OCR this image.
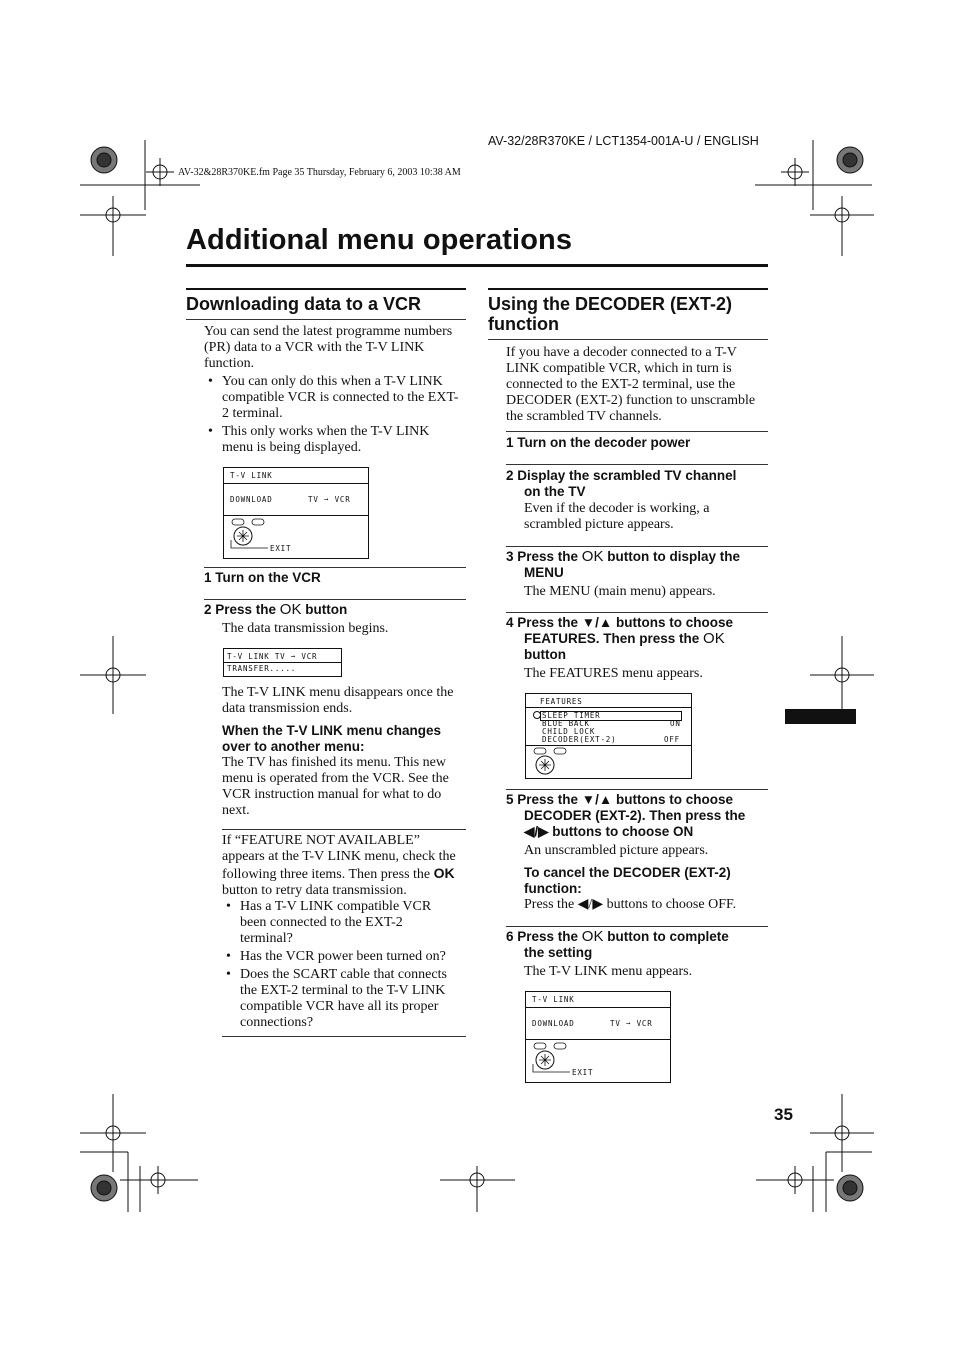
AV-32/28R370KE / LCT1354-001A-U / ENGLISH
AV-32&28R370KE.fm Page 35 Thursday, February 6, 2003 10:38 AM
Additional menu operations
Downloading data to a VCR
You can send the latest programme numbers
(PR) data to a VCR with the T-V LINK
function.
• You can only do this when a T-V LINK
compatible VCR is connected to the EXT-
2 terminal.
• This only works when the T-V LINK
menu is being displayed.
T-V LINK
DOWNLOAD	TV ➞ VCR
EXIT
1 Turn on the VCR
2 Press the OK button
The data transmission begins.
T-V LINK TV ➞ VCR
TRANSFER.....
The T-V LINK menu disappears once the
data transmission ends.
When the T-V LINK menu changes
over to another menu:
The TV has finished its menu. This new
menu is operated from the VCR. See the
VCR instruction manual for what to do
next.
If “FEATURE NOT AVAILABLE”
appears at the T-V LINK menu, check the
following three items. Then press the OK
button to retry data transmission.
• Has a T-V LINK compatible VCR
been connected to the EXT-2
terminal?
• Has the VCR power been turned on?
• Does the SCART cable that connects
the EXT-2 terminal to the T-V LINK
compatible VCR have all its proper
connections?
Using the DECODER (EXT-2)
function
If you have a decoder connected to a T-V
LINK compatible VCR, which in turn is
connected to the EXT-2 terminal, use the
DECODER (EXT-2) function to unscramble
the scrambled TV channels.
1 Turn on the decoder power
2 Display the scrambled TV channel
on the TV
Even if the decoder is working, a
scrambled picture appears.
3 Press the OK button to display the
MENU
The MENU (main menu) appears.
4 Press the ▼/▲ buttons to choose
FEATURES. Then press the OK
button
The FEATURES menu appears.
FEATURES
SLEEP TIMER
BLUE BACK	ON
CHILD LOCK
DECODER(EXT-2)	OFF
5 Press the ▼/▲ buttons to choose
DECODER (EXT-2). Then press the
◀/▶ buttons to choose ON
An unscrambled picture appears.
To cancel the DECODER (EXT-2)
function:
Press the ◀/▶ buttons to choose OFF.
6 Press the OK button to complete
the setting
The T-V LINK menu appears.
T-V LINK
DOWNLOAD	TV ➞ VCR
EXIT
35
